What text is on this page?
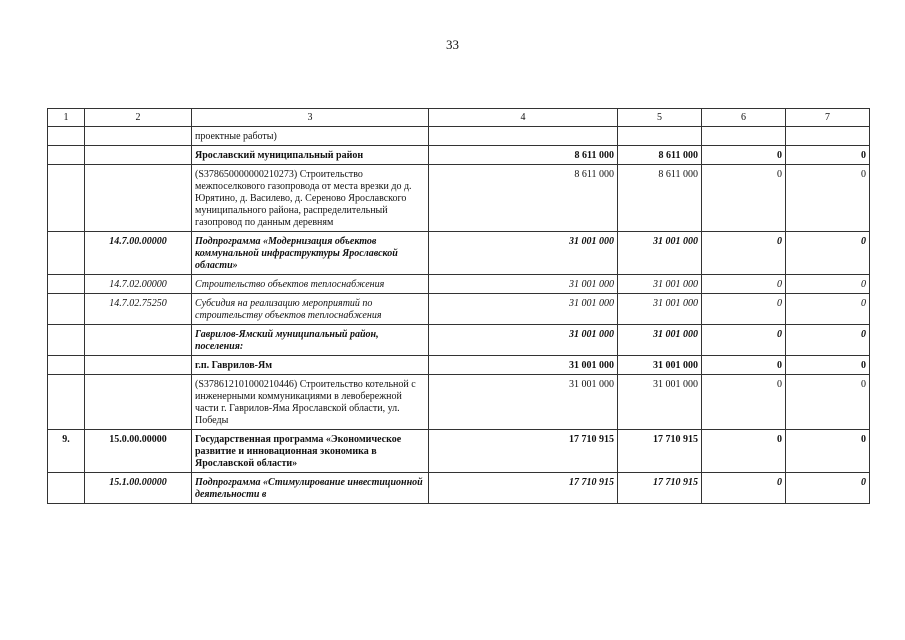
33
1	2	3	4	5	6	7
		проектные работы)				
		Ярославский муниципальный район	8 611 000	8 611 000	0	0
		(S378650000000210273) Строительство межпоселкового газопровода от места врезки до д. Юрятино, д. Василево, д. Сереново Ярославского муниципального района, распределительный газопровод по данным деревням	8 611 000	8 611 000	0	0
	14.7.00.00000	Подпрограмма «Модернизация объектов коммунальной инфраструктуры Ярославской области»	31 001 000	31 001 000	0	0
	14.7.02.00000	Строительство объектов теплоснабжения	31 001 000	31 001 000	0	0
	14.7.02.75250	Субсидия на реализацию мероприятий по строительству объектов теплоснабжения	31 001 000	31 001 000	0	0
		Гаврилов-Ямский муниципальный район, поселения:	31 001 000	31 001 000	0	0
		г.п. Гаврилов-Ям	31 001 000	31 001 000	0	0
		(S378612101000210446) Строительство котельной с инженерными коммуникациями в левобережной части г. Гаврилов-Яма Ярославской области, ул. Победы	31 001 000	31 001 000	0	0
9.	15.0.00.00000	Государственная программа «Экономическое развитие и инновационная экономика в Ярославской области»	17 710 915	17 710 915	0	0
	15.1.00.00000	Подпрограмма «Стимулирование инвестиционной деятельности в	17 710 915	17 710 915	0	0
